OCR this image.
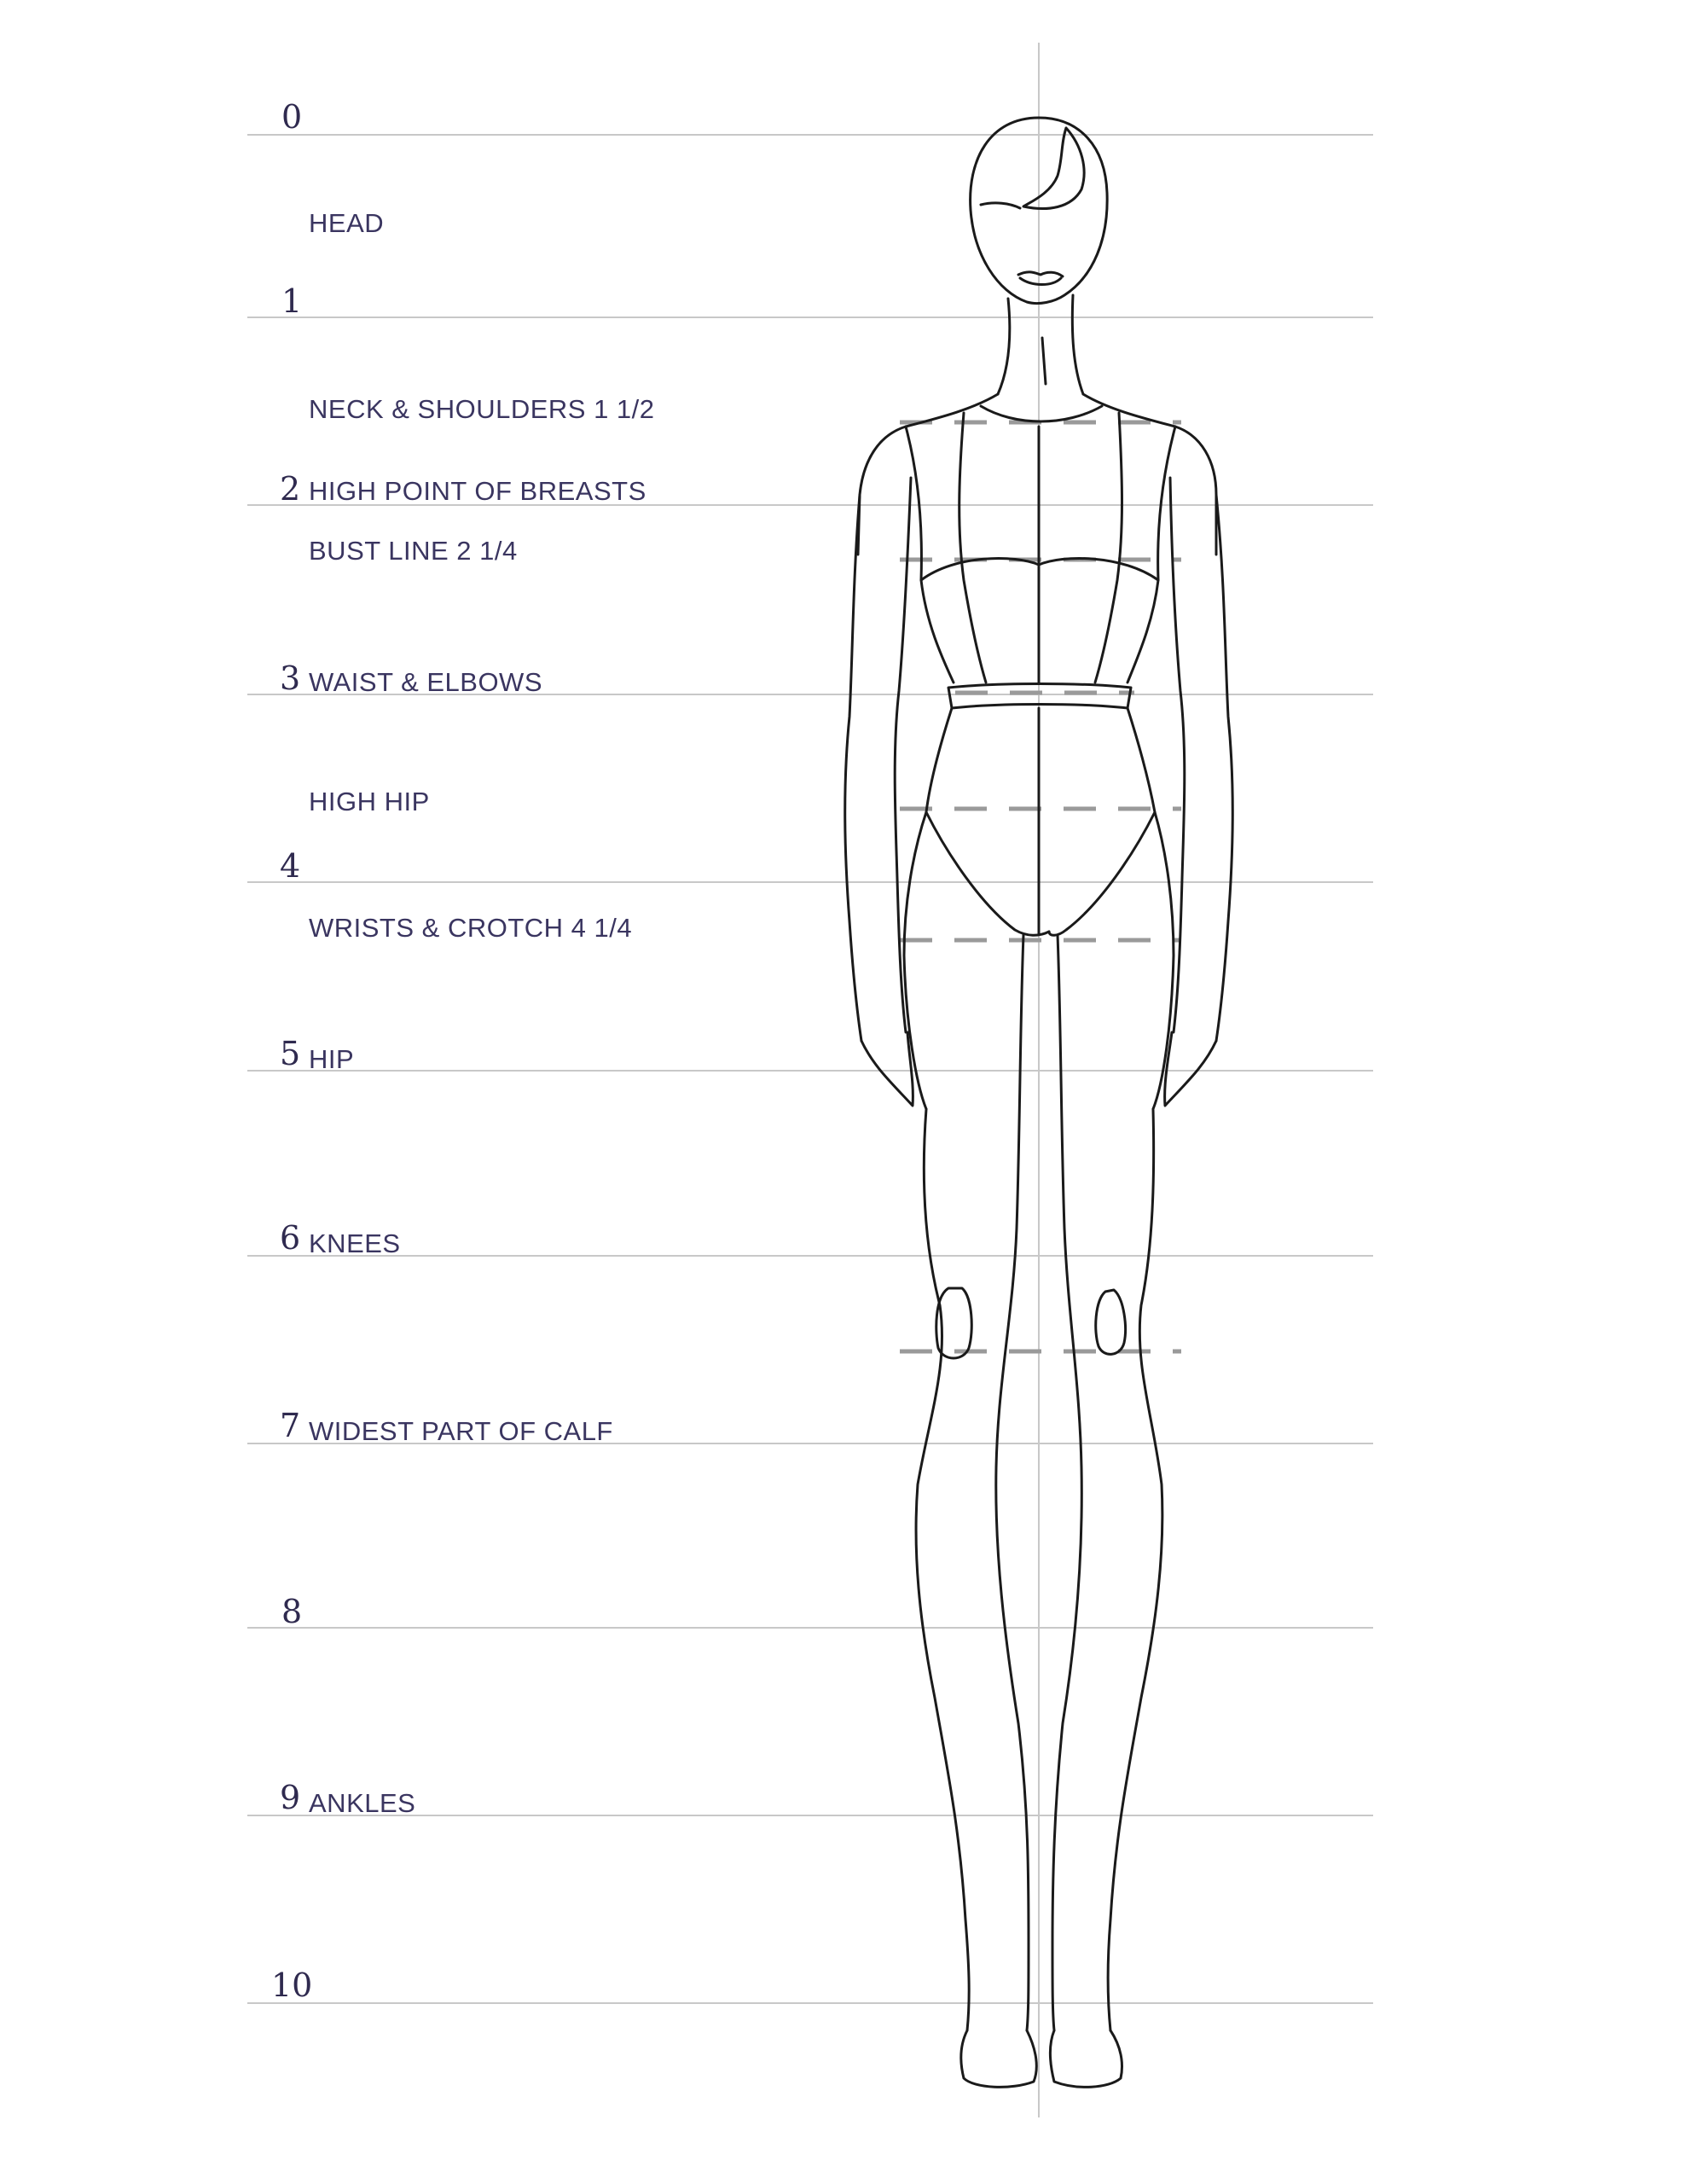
0
1
2
3
4
5
6
7
8
9
10
HEAD
NECK & SHOULDERS 1 1/2
HIGH POINT OF BREASTS
BUST LINE 2 1/4
WAIST & ELBOWS
HIGH HIP
WRISTS & CROTCH 4 1/4
HIP
KNEES
WIDEST PART OF CALF
ANKLES
